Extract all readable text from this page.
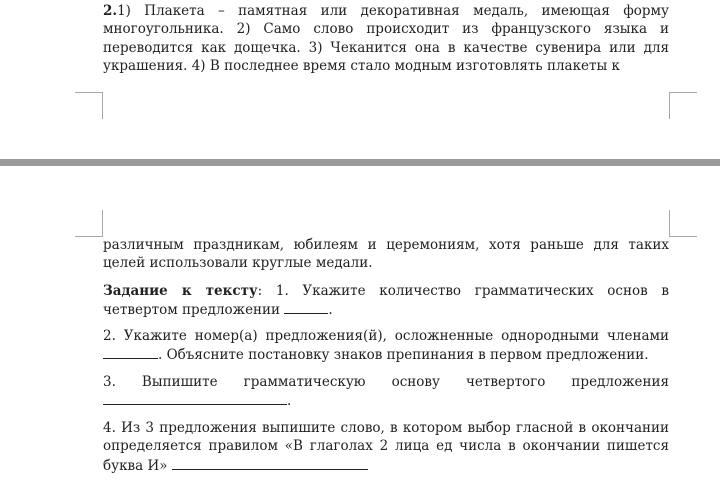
2.1) Плакета – памятная или декоративная медаль, имеющая форму многоугольника. 2) Само слово происходит из французского языка и переводится как дощечка. 3) Чеканится она в качестве сувенира или для украшения. 4) В последнее время стало модным изготовлять плакеты к
различным праздникам, юбилеям и церемониям, хотя раньше для таких целей использовали круглые медали.
Задание к тексту: 1. Укажите количество грамматических основ в четвертом предложении	.
2. Укажите номер(а) предложения(й), осложненные однородными членами . Объясните постановку знаков препинания в первом предложении.
3. Выпишите грамматическую основу четвертого предложения .
4. Из 3 предложения выпишите слово, в котором выбор гласной в окончании определяется правилом «В глаголах 2 лица ед числа в окончании пишется буква И»
